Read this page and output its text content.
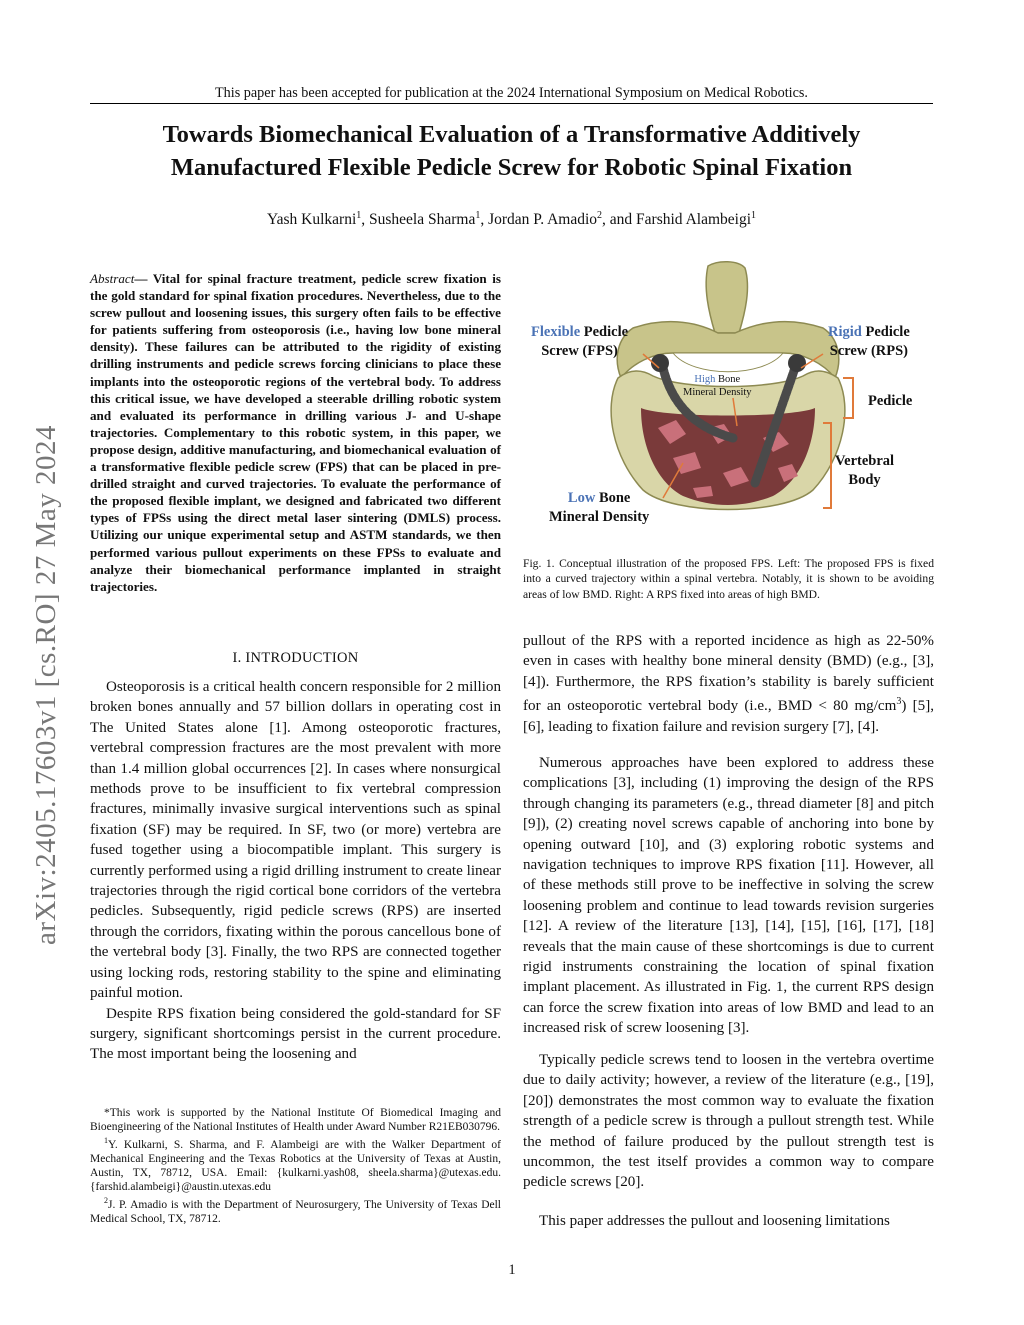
This paper has been accepted for publication at the 2024 International Symposium on Medical Robotics.
Towards Biomechanical Evaluation of a Transformative Additively
Manufactured Flexible Pedicle Screw for Robotic Spinal Fixation
Yash Kulkarni$^1$, Susheela Sharma$^1$, Jordan P. Amadio$^2$, and Farshid Alambeigi$^1$
arXiv:2405.17603v1 [cs.RO] 27 May 2024
Abstract— Vital for spinal fracture treatment, pedicle screw fixation is the gold standard for spinal fixation procedures. Nevertheless, due to the screw pullout and loosening issues, this surgery often fails to be effective for patients suffering from osteoporosis (i.e., having low bone mineral density). These failures can be attributed to the rigidity of existing drilling instruments and pedicle screws forcing clinicians to place these implants into the osteoporotic regions of the vertebral body. To address this critical issue, we have developed a steerable drilling robotic system and evaluated its performance in drilling various J- and U-shape trajectories. Complementary to this robotic system, in this paper, we propose design, additive manufacturing, and biomechanical evaluation of a transformative flexible pedicle screw (FPS) that can be placed in pre-drilled straight and curved trajectories. To evaluate the performance of the proposed flexible implant, we designed and fabricated two different types of FPSs using the direct metal laser sintering (DMLS) process. Utilizing our unique experimental setup and ASTM standards, we then performed various pullout experiments on these FPSs to evaluate and analyze their biomechanical performance implanted in straight trajectories.
I. INTRODUCTION

Osteoporosis is a critical health concern responsible for 2 million broken bones annually and 57 billion dollars in operating cost in The United States alone [1]. Among osteoporotic fractures, vertebral compression fractures are the most prevalent with more than 1.4 million global occurrences [2]. In cases where nonsurgical methods prove to be insufficient to fix vertebral compression fractures, minimally invasive surgical interventions such as spinal fixation (SF) may be required. In SF, two (or more) vertebra are fused together using a biocompatible implant. This surgery is currently performed using a rigid drilling instrument to create linear trajectories through the rigid cortical bone corridors of the vertebra pedicles. Subsequently, rigid pedicle screws (RPS) are inserted through the corridors, fixating within the porous cancellous bone of the vertebral body [3]. Finally, the two RPS are connected together using locking rods, restoring stability to the spine and eliminating painful motion.

Despite RPS fixation being considered the gold-standard for SF surgery, significant shortcomings persist in the current procedure. The most important being the loosening and

*This work is supported by the National Institute Of Biomedical Imaging and Bioengineering of the National Institutes of Health under Award Number R21EB030796.

$^1$Y. Kulkarni, S. Sharma, and F. Alambeigi are with the Walker Department of Mechanical Engineering and the Texas Robotics at the University of Texas at Austin, Austin, TX, 78712, USA. Email: {kulkarni.yash08, sheela.sharma}@utexas.edu. {farshid.alambeigi}@austin.utexas.edu

$^2$J. P. Amadio is with the Department of Neurosurgery, The University of Texas Dell Medical School, TX, 78712.

Flexible Pedicle
Screw (FPS)
Rigid Pedicle
Screw (RPS)
High Bone
Mineral Density
Pedicle
Vertebral
Body
Low Bone
Mineral Density
Fig. 1. Conceptual illustration of the proposed FPS. Left: The proposed FPS is fixed into a curved trajectory within a spinal vertebra. Notably, it is shown to be avoiding areas of low BMD. Right: A RPS fixed into areas of high BMD.

pullout of the RPS with a reported incidence as high as 22-50% even in cases with healthy bone mineral density (BMD) (e.g., [3], [4]). Furthermore, the RPS fixation’s stability is barely sufficient for an osteoporotic vertebral body (i.e., BMD < 80 $mg/cm^3$) [5], [6], leading to fixation failure and revision surgery [7], [4].

Numerous approaches have been explored to address these complications [3], including (1) improving the design of the RPS through changing its parameters (e.g., thread diameter [8] and pitch [9]), (2) creating novel screws capable of anchoring into bone by opening outward [10], and (3) exploring robotic systems and navigation techniques to improve RPS fixation [11]. However, all of these methods still prove to be ineffective in solving the screw loosening problem and continue to lead towards revision surgeries [12]. A review of the literature [13], [14], [15], [16], [17], [18] reveals that the main cause of these shortcomings is due to current rigid instruments constraining the location of spinal fixation implant placement. As illustrated in Fig. 1, the current RPS design can force the screw fixation into areas of low BMD and lead to an increased risk of screw loosening [3].

Typically pedicle screws tend to loosen in the vertebra overtime due to daily activity; however, a review of the literature (e.g., [19], [20]) demonstrates the most common way to evaluate the fixation strength of a pedicle screw is through a pullout strength test. While the method of failure produced by the pullout strength test is uncommon, the test itself provides a common way to compare pedicle screws [20].

This paper addresses the pullout and loosening limitations

1
